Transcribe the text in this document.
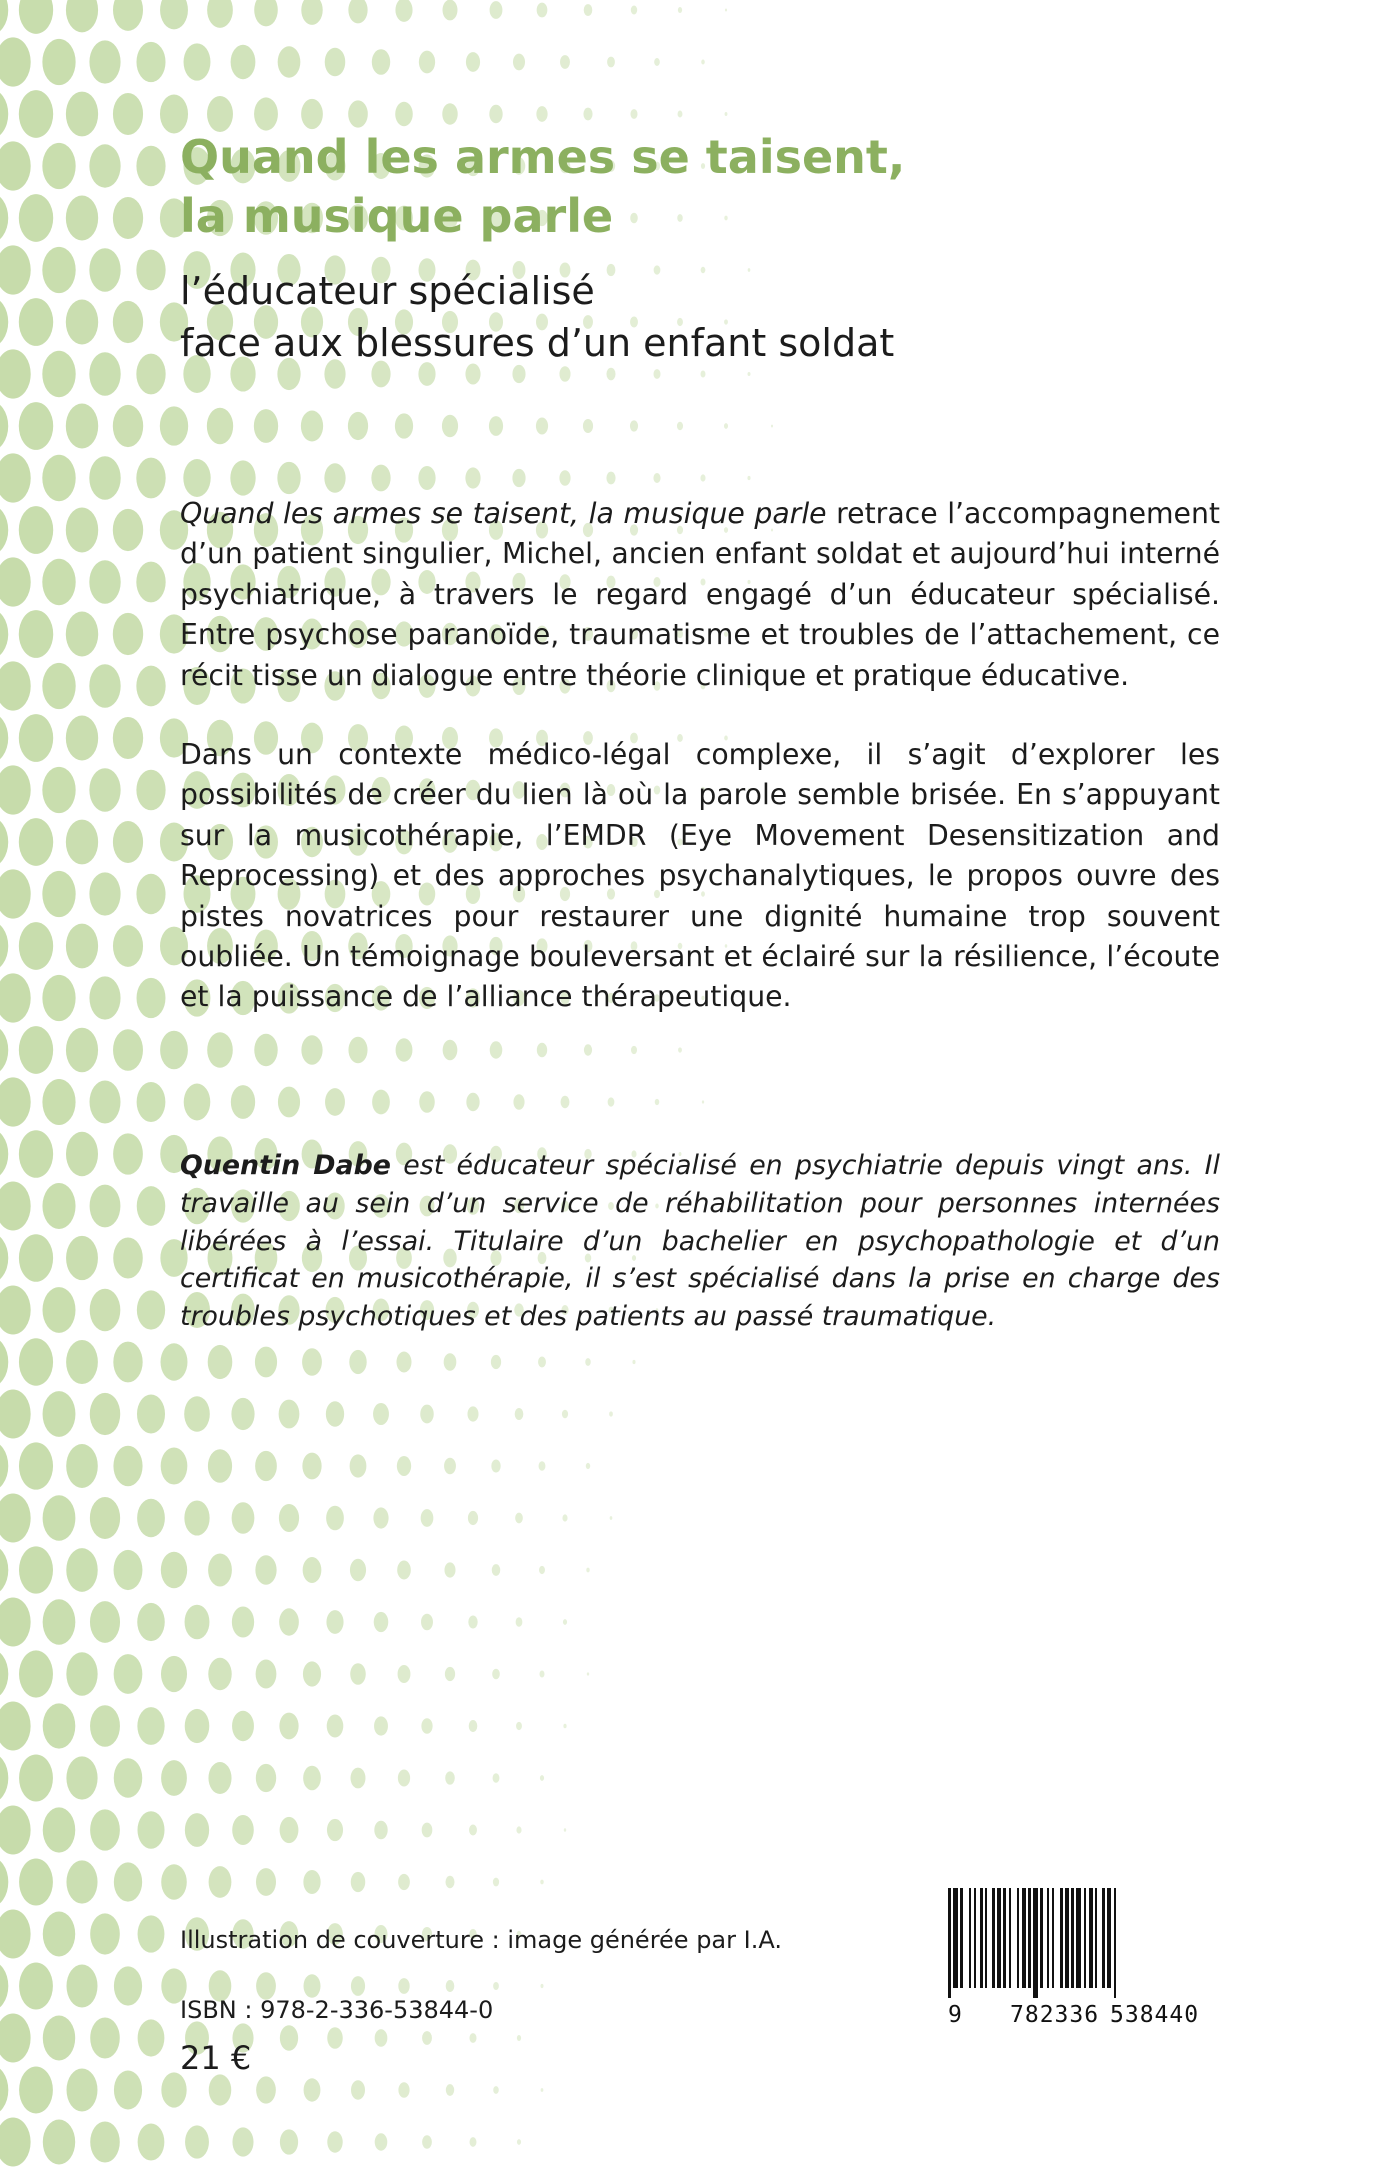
Quand les armes se taisent,
la musique parle
l’éducateur spécialisé
face aux blessures d’un enfant soldat

Quand les armes se taisent, la musique parle retrace l’accompagnement d’un patient singulier, Michel, ancien enfant soldat et aujourd’hui interné psychiatrique, à travers le regard engagé d’un éducateur spécialisé. Entre psychose paranoïde, traumatisme et troubles de l’attachement, ce récit tisse un dialogue entre théorie clinique et pratique éducative.

Dans un contexte médico-légal complexe, il s’agit d’explorer les possibilités de créer du lien là où la parole semble brisée. En s’appuyant sur la musicothérapie, l’EMDR (Eye Movement Desensitization and Reprocessing) et des approches psychanalytiques, le propos ouvre des pistes novatrices pour restaurer une dignité humaine trop souvent oubliée. Un témoignage bouleversant et éclairé sur la résilience, l’écoute et la puissance de l’alliance thérapeutique.

Quentin Dabe est éducateur spécialisé en psychiatrie depuis vingt ans. Il travaille au sein d’un service de réhabilitation pour personnes internées libérées à l’essai. Titulaire d’un bachelier en psychopathologie et d’un certificat en musicothérapie, il s’est spécialisé dans la prise en charge des troubles psychotiques et des patients au passé traumatique.

Illustration de couverture : image générée par I.A.

ISBN : 978-2-336-53844-0

21 €

9 782336 538440
